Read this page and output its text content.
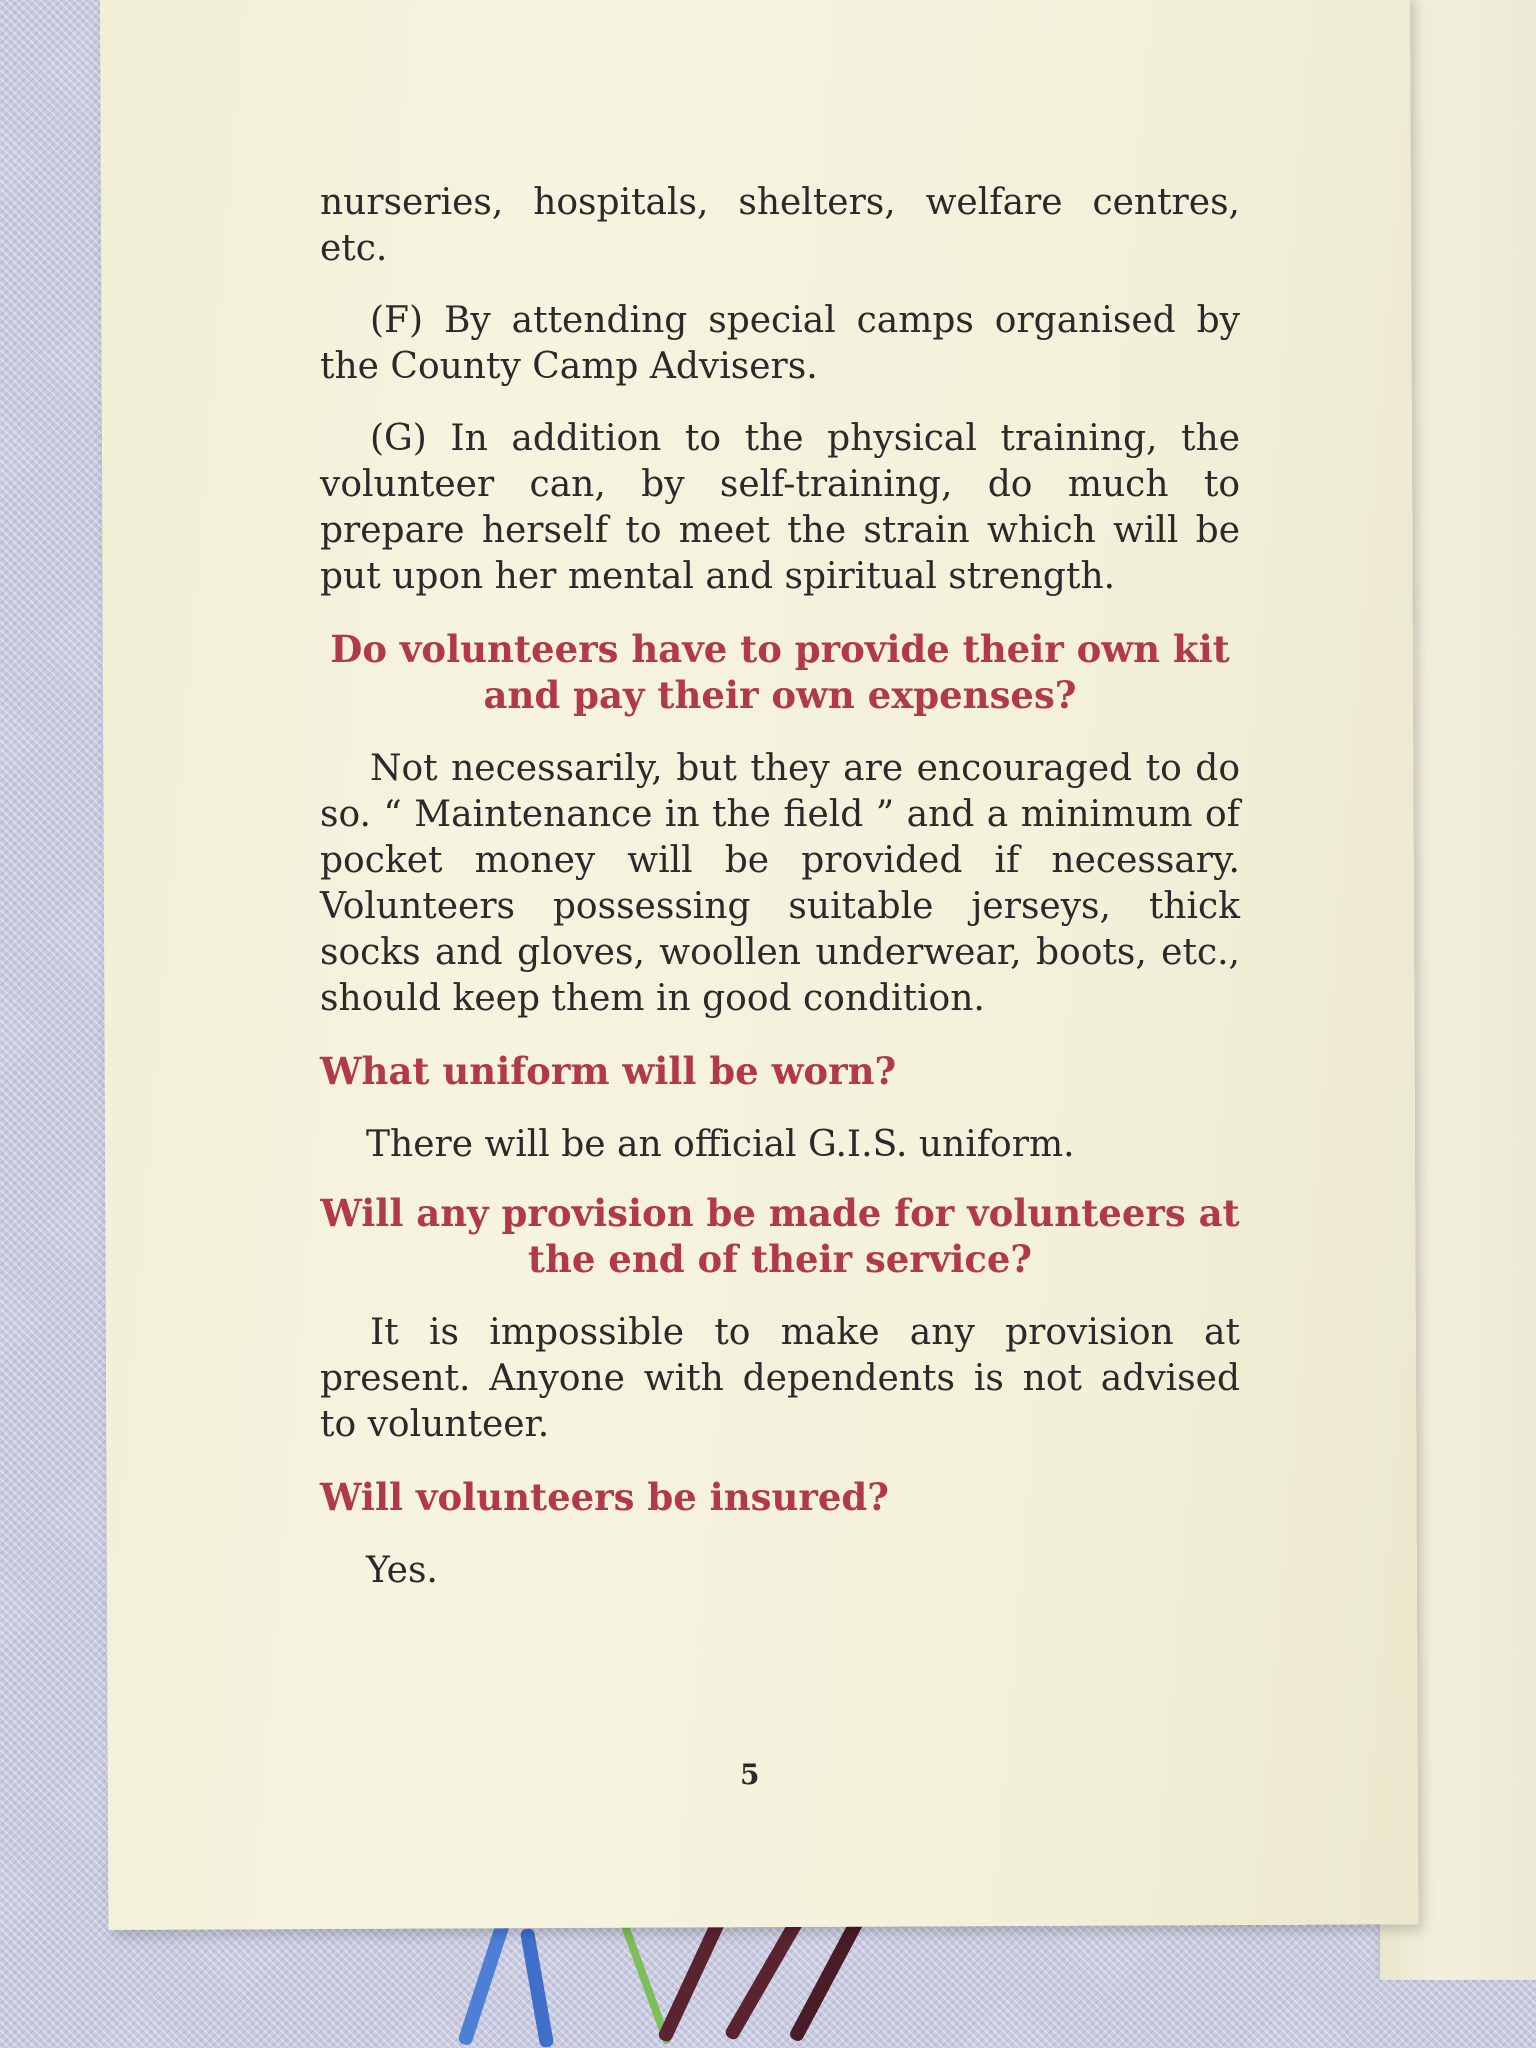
nurseries, hospitals, shelters, welfare centres, etc.

(F) By attending special camps organised by the County Camp Advisers.

(G) In addition to the physical training, the volunteer can, by self-training, do much to prepare herself to meet the strain which will be put upon her mental and spiritual strength.

Do volunteers have to provide their own kit and pay their own expenses?

Not necessarily, but they are encouraged to do so. “ Maintenance in the field ” and a minimum of pocket money will be provided if necessary. Volunteers possessing suitable jerseys, thick socks and gloves, woollen underwear, boots, etc., should keep them in good condition.

What uniform will be worn?

There will be an official G.I.S. uniform.

Will any provision be made for volunteers at the end of their service?

It is impossible to make any provision at present. Anyone with dependents is not advised to volunteer.

Will volunteers be insured?

Yes.

5
